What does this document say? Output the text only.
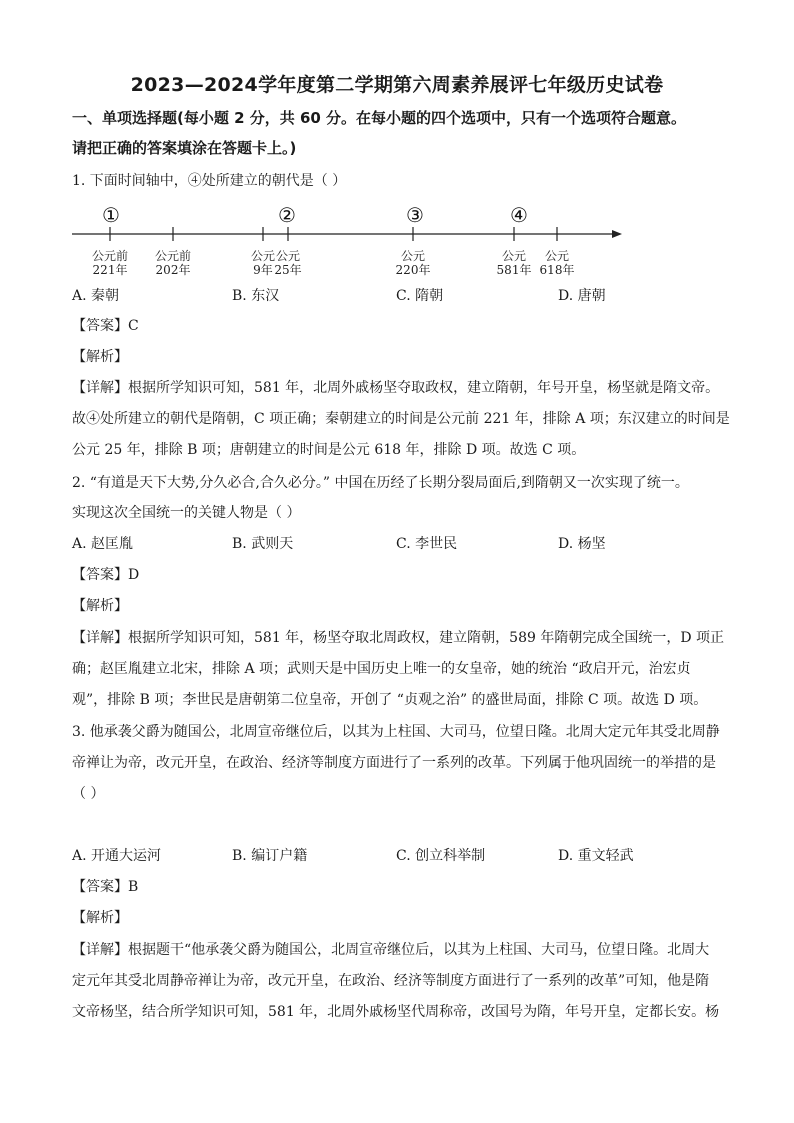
2023—2024学年度第二学期第六周素养展评七年级历史试卷
一、单项选择题(每小题 2 分，共 60 分。在每小题的四个选项中，只有一个选项符合题意。
请把正确的答案填涂在答题卡上。)
1. 下面时间轴中，④处所建立的朝代是（ ）
公元前
221年
公元前
202年
公元
9年
公元
25年
公元
220年
公元
581年
公元
618年
①	②	③	④
A. 秦朝	B. 东汉	C. 隋朝	D. 唐朝
【答案】C
【解析】
【详解】根据所学知识可知，581 年，北周外戚杨坚夺取政权，建立隋朝，年号开皇，杨坚就是隋文帝。
故④处所建立的朝代是隋朝，C 项正确；秦朝建立的时间是公元前 221 年，排除 A 项；东汉建立的时间是
公元 25 年，排除 B 项；唐朝建立的时间是公元 618 年，排除 D 项。故选 C 项。
2. “有道是天下大势,分久必合,合久必分。” 中国在历经了长期分裂局面后,到隋朝又一次实现了统一。
实现这次全国统一的关键人物是（ ）
A. 赵匡胤	B. 武则天	C. 李世民	D. 杨坚
【答案】D
【解析】
【详解】根据所学知识可知，581 年，杨坚夺取北周政权，建立隋朝，589 年隋朝完成全国统一，D 项正
确；赵匡胤建立北宋，排除 A 项；武则天是中国历史上唯一的女皇帝，她的统治 “政启开元，治宏贞
观”，排除 B 项；李世民是唐朝第二位皇帝，开创了 “贞观之治” 的盛世局面，排除 C 项。故选 D 项。
3. 他承袭父爵为随国公，北周宣帝继位后，以其为上柱国、大司马，位望日隆。北周大定元年其受北周静
帝禅让为帝，改元开皇，在政治、经济等制度方面进行了一系列的改革。下列属于他巩固统一的举措的是
（ ）
A. 开通大运河	B. 编订户籍	C. 创立科举制	D. 重文轻武
【答案】B
【解析】
【详解】根据题干“他承袭父爵为随国公，北周宣帝继位后，以其为上柱国、大司马，位望日隆。北周大
定元年其受北周静帝禅让为帝，改元开皇，在政治、经济等制度方面进行了一系列的改革”可知，他是隋
文帝杨坚，结合所学知识可知，581 年，北周外戚杨坚代周称帝，改国号为隋，年号开皇，定都长安。杨
